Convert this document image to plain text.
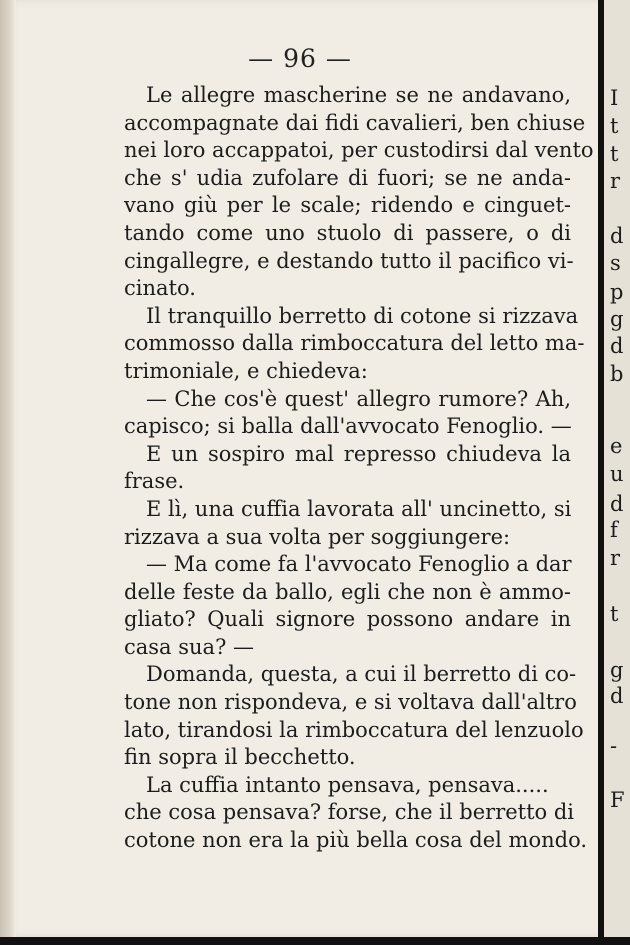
— 96 —

Le allegre mascherine se ne andavano,
accompagnate dai fidi cavalieri, ben chiuse
nei loro accappatoi, per custodirsi dal vento
che s' udia zufolare di fuori; se ne anda-
vano giù per le scale; ridendo e cinguet-
tando come uno stuolo di passere, o di
cingallegre, e destando tutto il pacifico vi-
cinato.

Il tranquillo berretto di cotone si rizzava
commosso dalla rimboccatura del letto ma-
trimoniale, e chiedeva:

— Che cos'è quest' allegro rumore? Ah,
capisco; si balla dall'avvocato Fenoglio. —

E un sospiro mal represso chiudeva la
frase.

E lì, una cuffia lavorata all' uncinetto, si
rizzava a sua volta per soggiungere:

— Ma come fa l'avvocato Fenoglio a dar
delle feste da ballo, egli che non è ammo-
gliato? Quali signore possono andare in
casa sua? —

Domanda, questa, a cui il berretto di co-
tone non rispondeva, e si voltava dall'altro
lato, tirandosi la rimboccatura del lenzuolo
fin sopra il becchetto.

La cuffia intanto pensava, pensava.....
che cosa pensava? forse, che il berretto di
cotone non era la più bella cosa del mondo.

I
t
t
r
d
s
p
g
d
b
e
u
d
f
r
t
g
d
-
F
